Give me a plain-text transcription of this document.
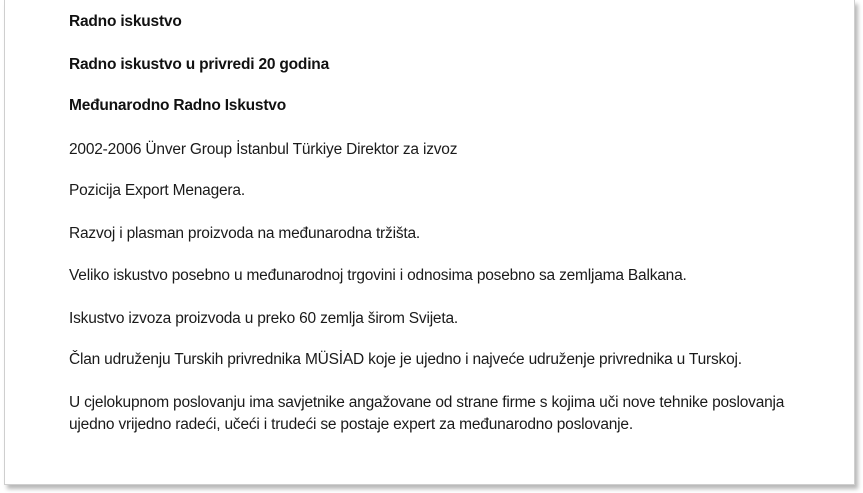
Radno iskustvo
Radno iskustvo u privredi 20 godina
Međunarodno Radno Iskustvo
2002-2006 Ünver Group İstanbul Türkiye Direktor za izvoz
Pozicija Export Menagera.
Razvoj i plasman proizvoda na međunarodna tržišta.
Veliko iskustvo posebno u međunarodnoj trgovini i odnosima posebno sa zemljama Balkana.
Iskustvo izvoza proizvoda u preko 60 zemlja širom Svijeta.
Član udruženju Turskih privrednika MÜSİAD koje je ujedno i najveće udruženje privrednika u Turskoj.
U cjelokupnom poslovanju ima savjetnike angažovane od strane firme s kojima uči nove tehnike poslovanja ujedno vrijedno radeći, učeći i trudeći se postaje expert za međunarodno poslovanje.
